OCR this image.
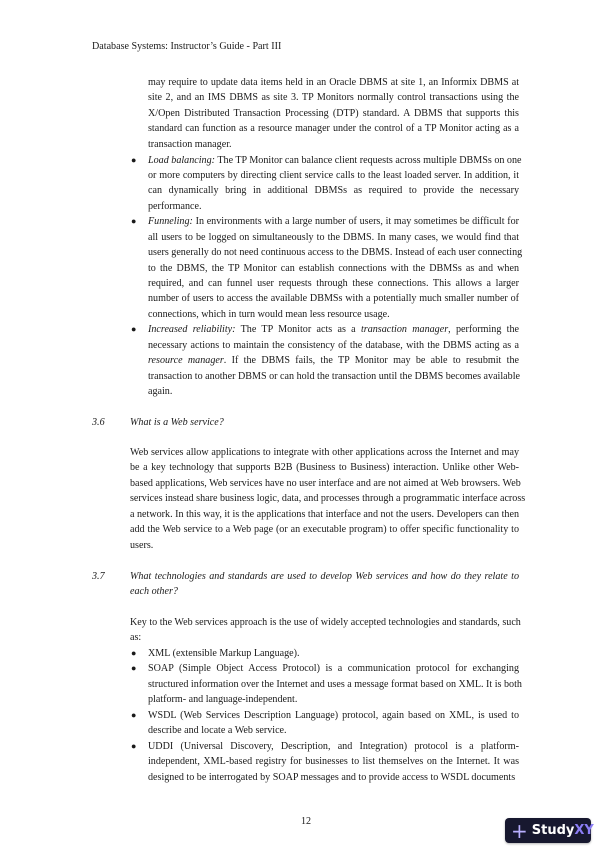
Database Systems: Instructor’s Guide - Part III
may require to update data items held in an Oracle DBMS at site 1, an Informix DBMS at
site 2, and an IMS DBMS as site 3. TP Monitors normally control transactions using the
X/Open Distributed Transaction Processing (DTP) standard. A DBMS that supports this
standard can function as a resource manager under the control of a TP Monitor acting as a
transaction manager.
● Load balancing: The TP Monitor can balance client requests across multiple DBMSs on one
or more computers by directing client service calls to the least loaded server. In addition, it
can dynamically bring in additional DBMSs as required to provide the necessary
performance.
● Funneling: In environments with a large number of users, it may sometimes be difficult for
all users to be logged on simultaneously to the DBMS. In many cases, we would find that
users generally do not need continuous access to the DBMS. Instead of each user connecting
to the DBMS, the TP Monitor can establish connections with the DBMSs as and when
required, and can funnel user requests through these connections. This allows a larger
number of users to access the available DBMSs with a potentially much smaller number of
connections, which in turn would mean less resource usage.
● Increased reliability: The TP Monitor acts as a transaction manager, performing the
necessary actions to maintain the consistency of the database, with the DBMS acting as a
resource manager. If the DBMS fails, the TP Monitor may be able to resubmit the
transaction to another DBMS or can hold the transaction until the DBMS becomes available
again.
3.6	What is a Web service?
Web services allow applications to integrate with other applications across the Internet and may
be a key technology that supports B2B (Business to Business) interaction. Unlike other Web-
based applications, Web services have no user interface and are not aimed at Web browsers. Web
services instead share business logic, data, and processes through a programmatic interface across
a network. In this way, it is the applications that interface and not the users. Developers can then
add the Web service to a Web page (or an executable program) to offer specific functionality to
users.
3.7	What technologies and standards are used to develop Web services and how do they relate to
each other?
Key to the Web services approach is the use of widely accepted technologies and standards, such
as:
● XML (extensible Markup Language).
● SOAP (Simple Object Access Protocol) is a communication protocol for exchanging
structured information over the Internet and uses a message format based on XML. It is both
platform- and language-independent.
● WSDL (Web Services Description Language) protocol, again based on XML, is used to
describe and locate a Web service.
● UDDI (Universal Discovery, Description, and Integration) protocol is a platform-
independent, XML-based registry for businesses to list themselves on the Internet. It was
designed to be interrogated by SOAP messages and to provide access to WSDL documents
12	+ Study XY
